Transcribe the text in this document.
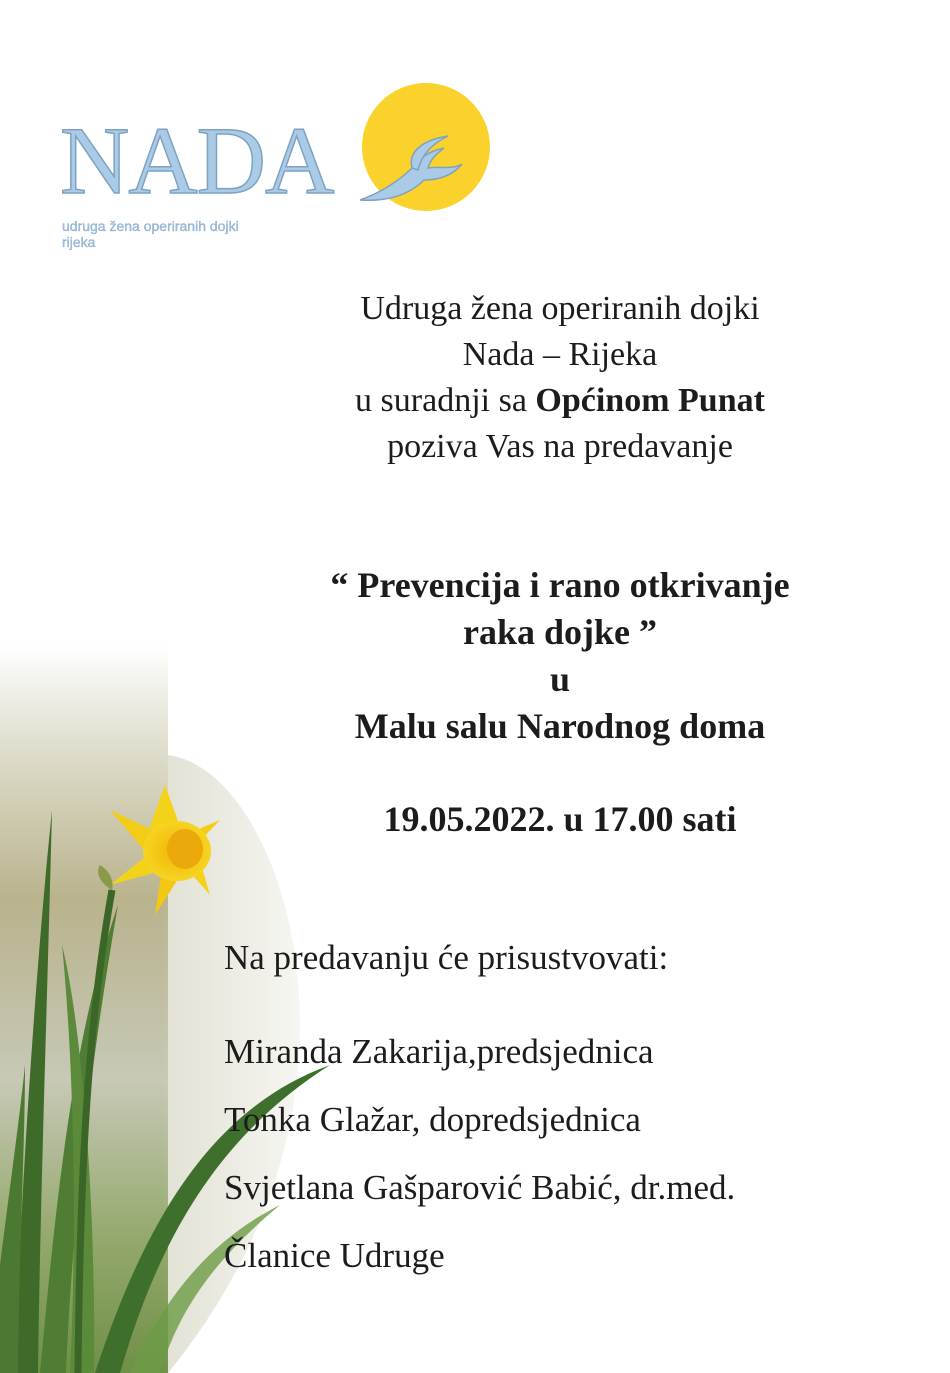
NADA
udruga žena operiranih dojki
rijeka
Udruga žena operiranih dojki
Nada – Rijeka
u suradnji sa Općinom Punat
poziva Vas na predavanje
“ Prevencija i rano otkrivanje
raka dojke ”
u
Malu salu Narodnog doma
19.05.2022. u 17.00 sati
Na predavanju će prisustvovati:
Miranda Zakarija,predsjednica
Tonka Glažar, dopredsjednica
Svjetlana Gašparović Babić, dr.med.
Članice Udruge
